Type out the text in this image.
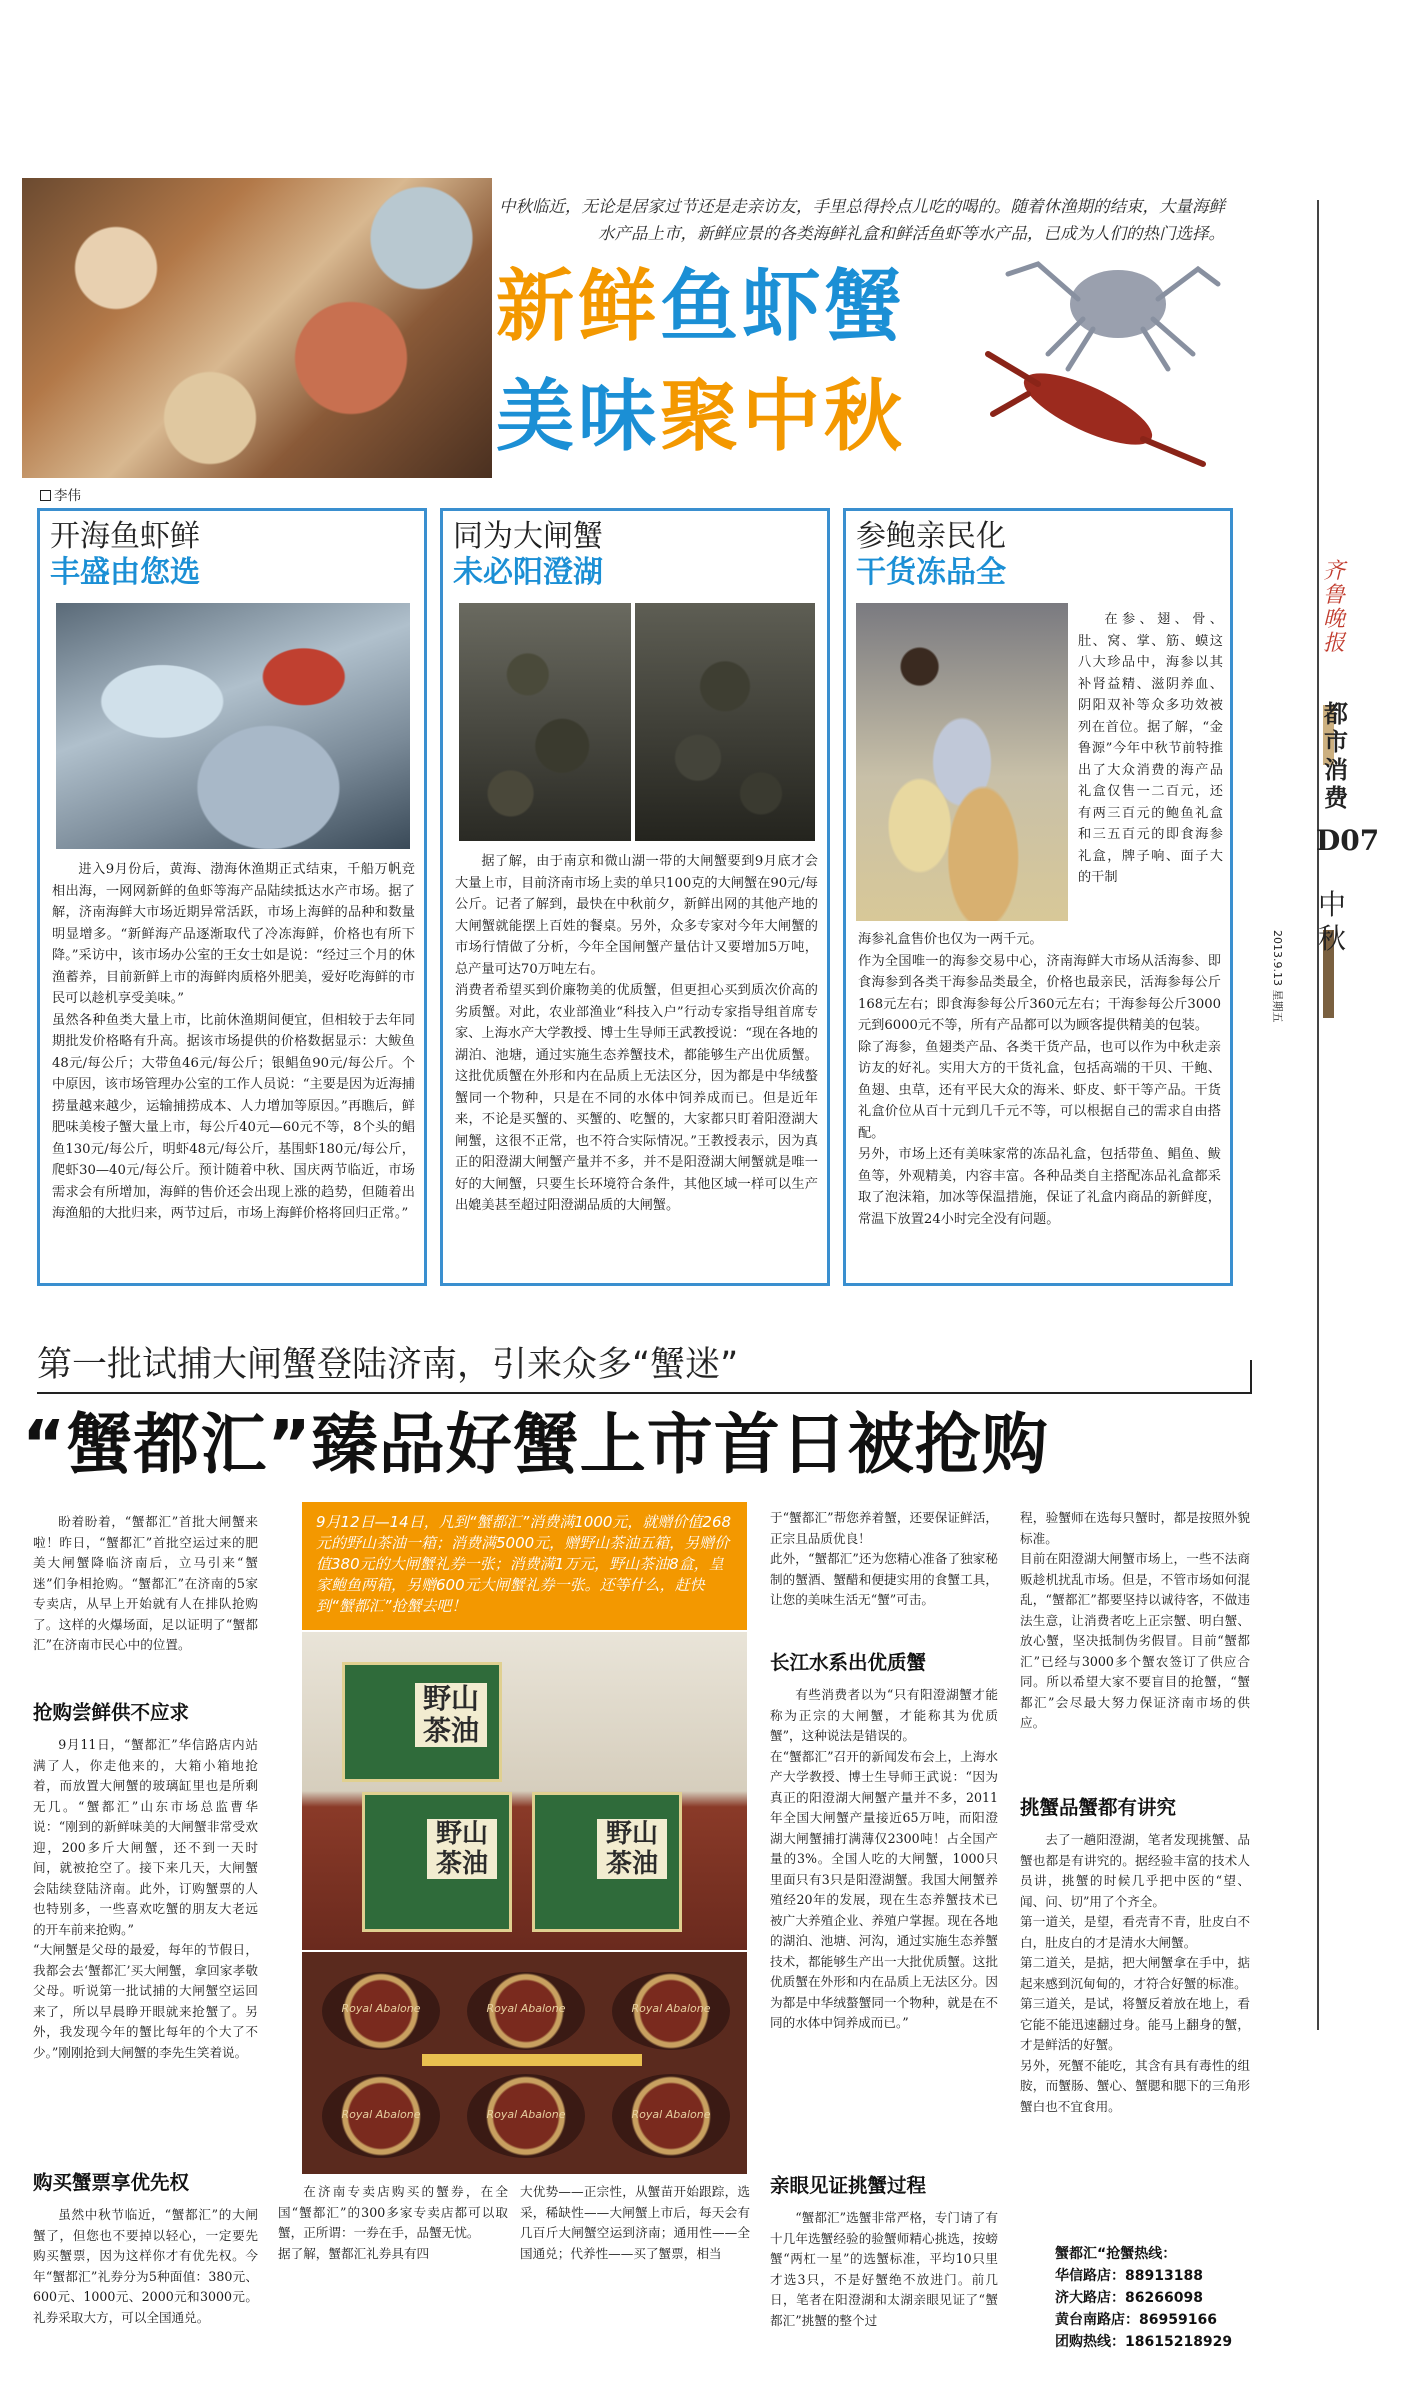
中秋临近，无论是居家过节还是走亲访友，手里总得拎点儿吃的喝的。随着休渔期的结束，大量海鲜水产品上市，新鲜应景的各类海鲜礼盒和鲜活鱼虾等水产品，已成为人们的热门选择。
新鲜鱼虾蟹
美味聚中秋
李伟
开海鱼虾鲜
丰盛由您选
进入9月份后，黄海、渤海休渔期正式结束，千船万帆竞相出海，一网网新鲜的鱼虾等海产品陆续抵达水产市场。据了解，济南海鲜大市场近期异常活跃，市场上海鲜的品种和数量明显增多。“新鲜海产品逐渐取代了冷冻海鲜，价格也有所下降。”采访中，该市场办公室的王女士如是说：“经过三个月的休渔蓄养，目前新鲜上市的海鲜肉质格外肥美，爱好吃海鲜的市民可以趁机享受美味。”
虽然各种鱼类大量上市，比前休渔期间便宜，但相较于去年同期批发价格略有升高。据该市场提供的价格数据显示：大鲅鱼48元/每公斤；大带鱼46元/每公斤；银鲳鱼90元/每公斤。个中原因，该市场管理办公室的工作人员说：“主要是因为近海捕捞量越来越少，运输捕捞成本、人力增加等原因。”再瞧后，鲜肥味美梭子蟹大量上市，每公斤40元—60元不等，8个头的鲳鱼130元/每公斤，明虾48元/每公斤，基围虾180元/每公斤，爬虾30—40元/每公斤。预计随着中秋、国庆两节临近，市场需求会有所增加，海鲜的售价还会出现上涨的趋势，但随着出海渔船的大批归来，两节过后，市场上海鲜价格将回归正常。”
同为大闸蟹
未必阳澄湖
据了解，由于南京和微山湖一带的大闸蟹要到9月底才会大量上市，目前济南市场上卖的单只100克的大闸蟹在90元/每公斤。记者了解到，最快在中秋前夕，新鲜出网的其他产地的大闸蟹就能摆上百姓的餐桌。另外，众多专家对今年大闸蟹的市场行情做了分析，今年全国闸蟹产量估计又要增加5万吨，总产量可达70万吨左右。
消费者希望买到价廉物美的优质蟹，但更担心买到质次价高的劣质蟹。对此，农业部渔业“科技入户”行动专家指导组首席专家、上海水产大学教授、博士生导师王武教授说：“现在各地的湖泊、池塘，通过实施生态养蟹技术，都能够生产出优质蟹。这批优质蟹在外形和内在品质上无法区分，因为都是中华绒螯蟹同一个物种，只是在不同的水体中饲养成而已。但是近年来，不论是买蟹的、买蟹的、吃蟹的，大家都只盯着阳澄湖大闸蟹，这很不正常，也不符合实际情况。”王教授表示，因为真正的阳澄湖大闸蟹产量并不多，并不是阳澄湖大闸蟹就是唯一好的大闸蟹，只要生长环境符合条件，其他区域一样可以生产出媲美甚至超过阳澄湖品质的大闸蟹。
参鲍亲民化
干货冻品全
在参、翅、骨、肚、窝、掌、筋、蟆这八大珍品中，海参以其补肾益精、滋阴养血、阴阳双补等众多功效被列在首位。据了解，“金鲁源”今年中秋节前特推出了大众消费的海产品礼盒仅售一二百元，还有两三百元的鲍鱼礼盒和三五百元的即食海参礼盒，牌子响、面子大的干制
海参礼盒售价也仅为一两千元。
作为全国唯一的海参交易中心，济南海鲜大市场从活海参、即食海参到各类干海参品类最全，价格也最亲民，活海参每公斤168元左右；即食海参每公斤360元左右；干海参每公斤3000元到6000元不等，所有产品都可以为顾客提供精美的包装。
除了海参，鱼翅类产品、各类干货产品，也可以作为中秋走亲访友的好礼。实用大方的干货礼盒，包括高端的干贝、干鲍、鱼翅、虫草，还有平民大众的海米、虾皮、虾干等产品。干货礼盒价位从百十元到几千元不等，可以根据自己的需求自由搭配。
另外，市场上还有美味家常的冻品礼盒，包括带鱼、鲳鱼、鲅鱼等，外观精美，内容丰富。各种品类自主搭配冻品礼盒都采取了泡沫箱，加冰等保温措施，保证了礼盒内商品的新鲜度，常温下放置24小时完全没有问题。
齐鲁晚报
都市消费
D07
2013.9.13 星期五
中秋
第一批试捕大闸蟹登陆济南，引来众多“蟹迷”
“蟹都汇”臻品好蟹上市首日被抢购
盼着盼着，“蟹都汇”首批大闸蟹来啦！昨日，“蟹都汇”首批空运过来的肥美大闸蟹降临济南后，立马引来“蟹迷”们争相抢购。“蟹都汇”在济南的5家专卖店，从早上开始就有人在排队抢购了。这样的火爆场面，足以证明了“蟹都汇”在济南市民心中的位置。
抢购尝鲜供不应求
9月11日，“蟹都汇”华信路店内站满了人，你走他来的，大箱小箱地抢着，而放置大闸蟹的玻璃缸里也是所剩无几。“蟹都汇”山东市场总监曹华说：“刚到的新鲜味美的大闸蟹非常受欢迎，200多斤大闸蟹，还不到一天时间，就被抢空了。接下来几天，大闸蟹会陆续登陆济南。此外，订购蟹票的人也特别多，一些喜欢吃蟹的朋友大老远的开车前来抢购。”
“大闸蟹是父母的最爱，每年的节假日，我都会去‘蟹都汇’买大闸蟹，拿回家孝敬父母。听说第一批试捕的大闸蟹空运回来了，所以早晨睁开眼就来抢蟹了。另外，我发现今年的蟹比每年的个大了不少。”刚刚抢到大闸蟹的李先生笑着说。
购买蟹票享优先权
虽然中秋节临近，“蟹都汇”的大闸蟹了，但您也不要掉以轻心，一定要先购买蟹票，因为这样你才有优先权。今年“蟹都汇”礼券分为5种面值：380元、600元、1000元、2000元和3000元。礼券采取大方，可以全国通兑。
9月12日—14日，凡到“蟹都汇”消费满1000元，就赠价值268元的野山茶油一箱；消费满5000元，赠野山茶油五箱，另赠价值380元的大闸蟹礼券一张；消费满1万元，野山茶油8盒，皇家鲍鱼两箱，另赠600元大闸蟹礼券一张。还等什么，赶快到“蟹都汇”抢蟹去吧！
野山茶油
野山茶油
野山茶油
Royal Abalone	Royal Abalone	Royal Abalone
Royal Abalone	Royal Abalone	Royal Abalone
在济南专卖店购买的蟹券，在全国“蟹都汇”的300多家专卖店都可以取蟹，正所谓：一券在手，品蟹无忧。
据了解，蟹都汇礼券具有四
大优势——正宗性，从蟹苗开始跟踪，选采，稀缺性——大闸蟹上市后，每天会有几百斤大闸蟹空运到济南；通用性——全国通兑；代养性——买了蟹票，相当
于“蟹都汇”帮您养着蟹，还要保证鲜活，正宗且品质优良！
此外，“蟹都汇”还为您精心准备了独家秘制的蟹酒、蟹醋和便捷实用的食蟹工具，让您的美味生活无“蟹”可击。
长江水系出优质蟹
有些消费者以为“只有阳澄湖蟹才能称为正宗的大闸蟹，才能称其为优质蟹”，这种说法是错误的。
在“蟹都汇”召开的新闻发布会上，上海水产大学教授、博士生导师王武说：“因为真正的阳澄湖大闸蟹产量并不多，2011年全国大闸蟹产量接近65万吨，而阳澄湖大闸蟹捕打满薄仅2300吨！占全国产量的3%。全国人吃的大闸蟹，1000只里面只有3只是阳澄湖蟹。我国大闸蟹养殖经20年的发展，现在生态养蟹技术已被广大养殖企业、养殖户掌握。现在各地的湖泊、池塘、河沟，通过实施生态养蟹技术，都能够生产出一大批优质蟹。这批优质蟹在外形和内在品质上无法区分。因为都是中华绒螯蟹同一个物种，就是在不同的水体中饲养成而已。”
亲眼见证挑蟹过程
“蟹都汇”选蟹非常严格，专门请了有十几年选蟹经验的验蟹师精心挑选，按螃蟹“两杠一星”的选蟹标准，平均10只里才选3只，不是好蟹绝不放进门。前几日，笔者在阳澄湖和太湖亲眼见证了“蟹都汇”挑蟹的整个过
程，验蟹师在选每只蟹时，都是按照外貌标准。
目前在阳澄湖大闸蟹市场上，一些不法商贩趁机扰乱市场。但是，不管市场如何混乱，“蟹都汇”都要坚持以诚待客，不做违法生意，让消费者吃上正宗蟹、明白蟹、放心蟹，坚决抵制伪劣假冒。目前“蟹都汇”已经与3000多个蟹农签订了供应合同。所以希望大家不要盲目的抢蟹，“蟹都汇”会尽最大努力保证济南市场的供应。
挑蟹品蟹都有讲究
去了一趟阳澄湖，笔者发现挑蟹、品蟹也都是有讲究的。据经验丰富的技术人员讲，挑蟹的时候几乎把中医的“望、闻、问、切”用了个齐全。
第一道关，是望，看壳青不青，肚皮白不白，肚皮白的才是清水大闸蟹。
第二道关，是掂，把大闸蟹拿在手中，掂起来感到沉甸甸的，才符合好蟹的标准。
第三道关，是试，将蟹反着放在地上，看它能不能迅速翻过身。能马上翻身的蟹，才是鲜活的好蟹。
另外，死蟹不能吃，其含有具有毒性的组胺，而蟹肠、蟹心、蟹腮和腮下的三角形蟹白也不宜食用。
蟹都汇“抢蟹热线：
华信路店：88913188
济大路店：86266098
黄台南路店：86959166
团购热线：18615218929
